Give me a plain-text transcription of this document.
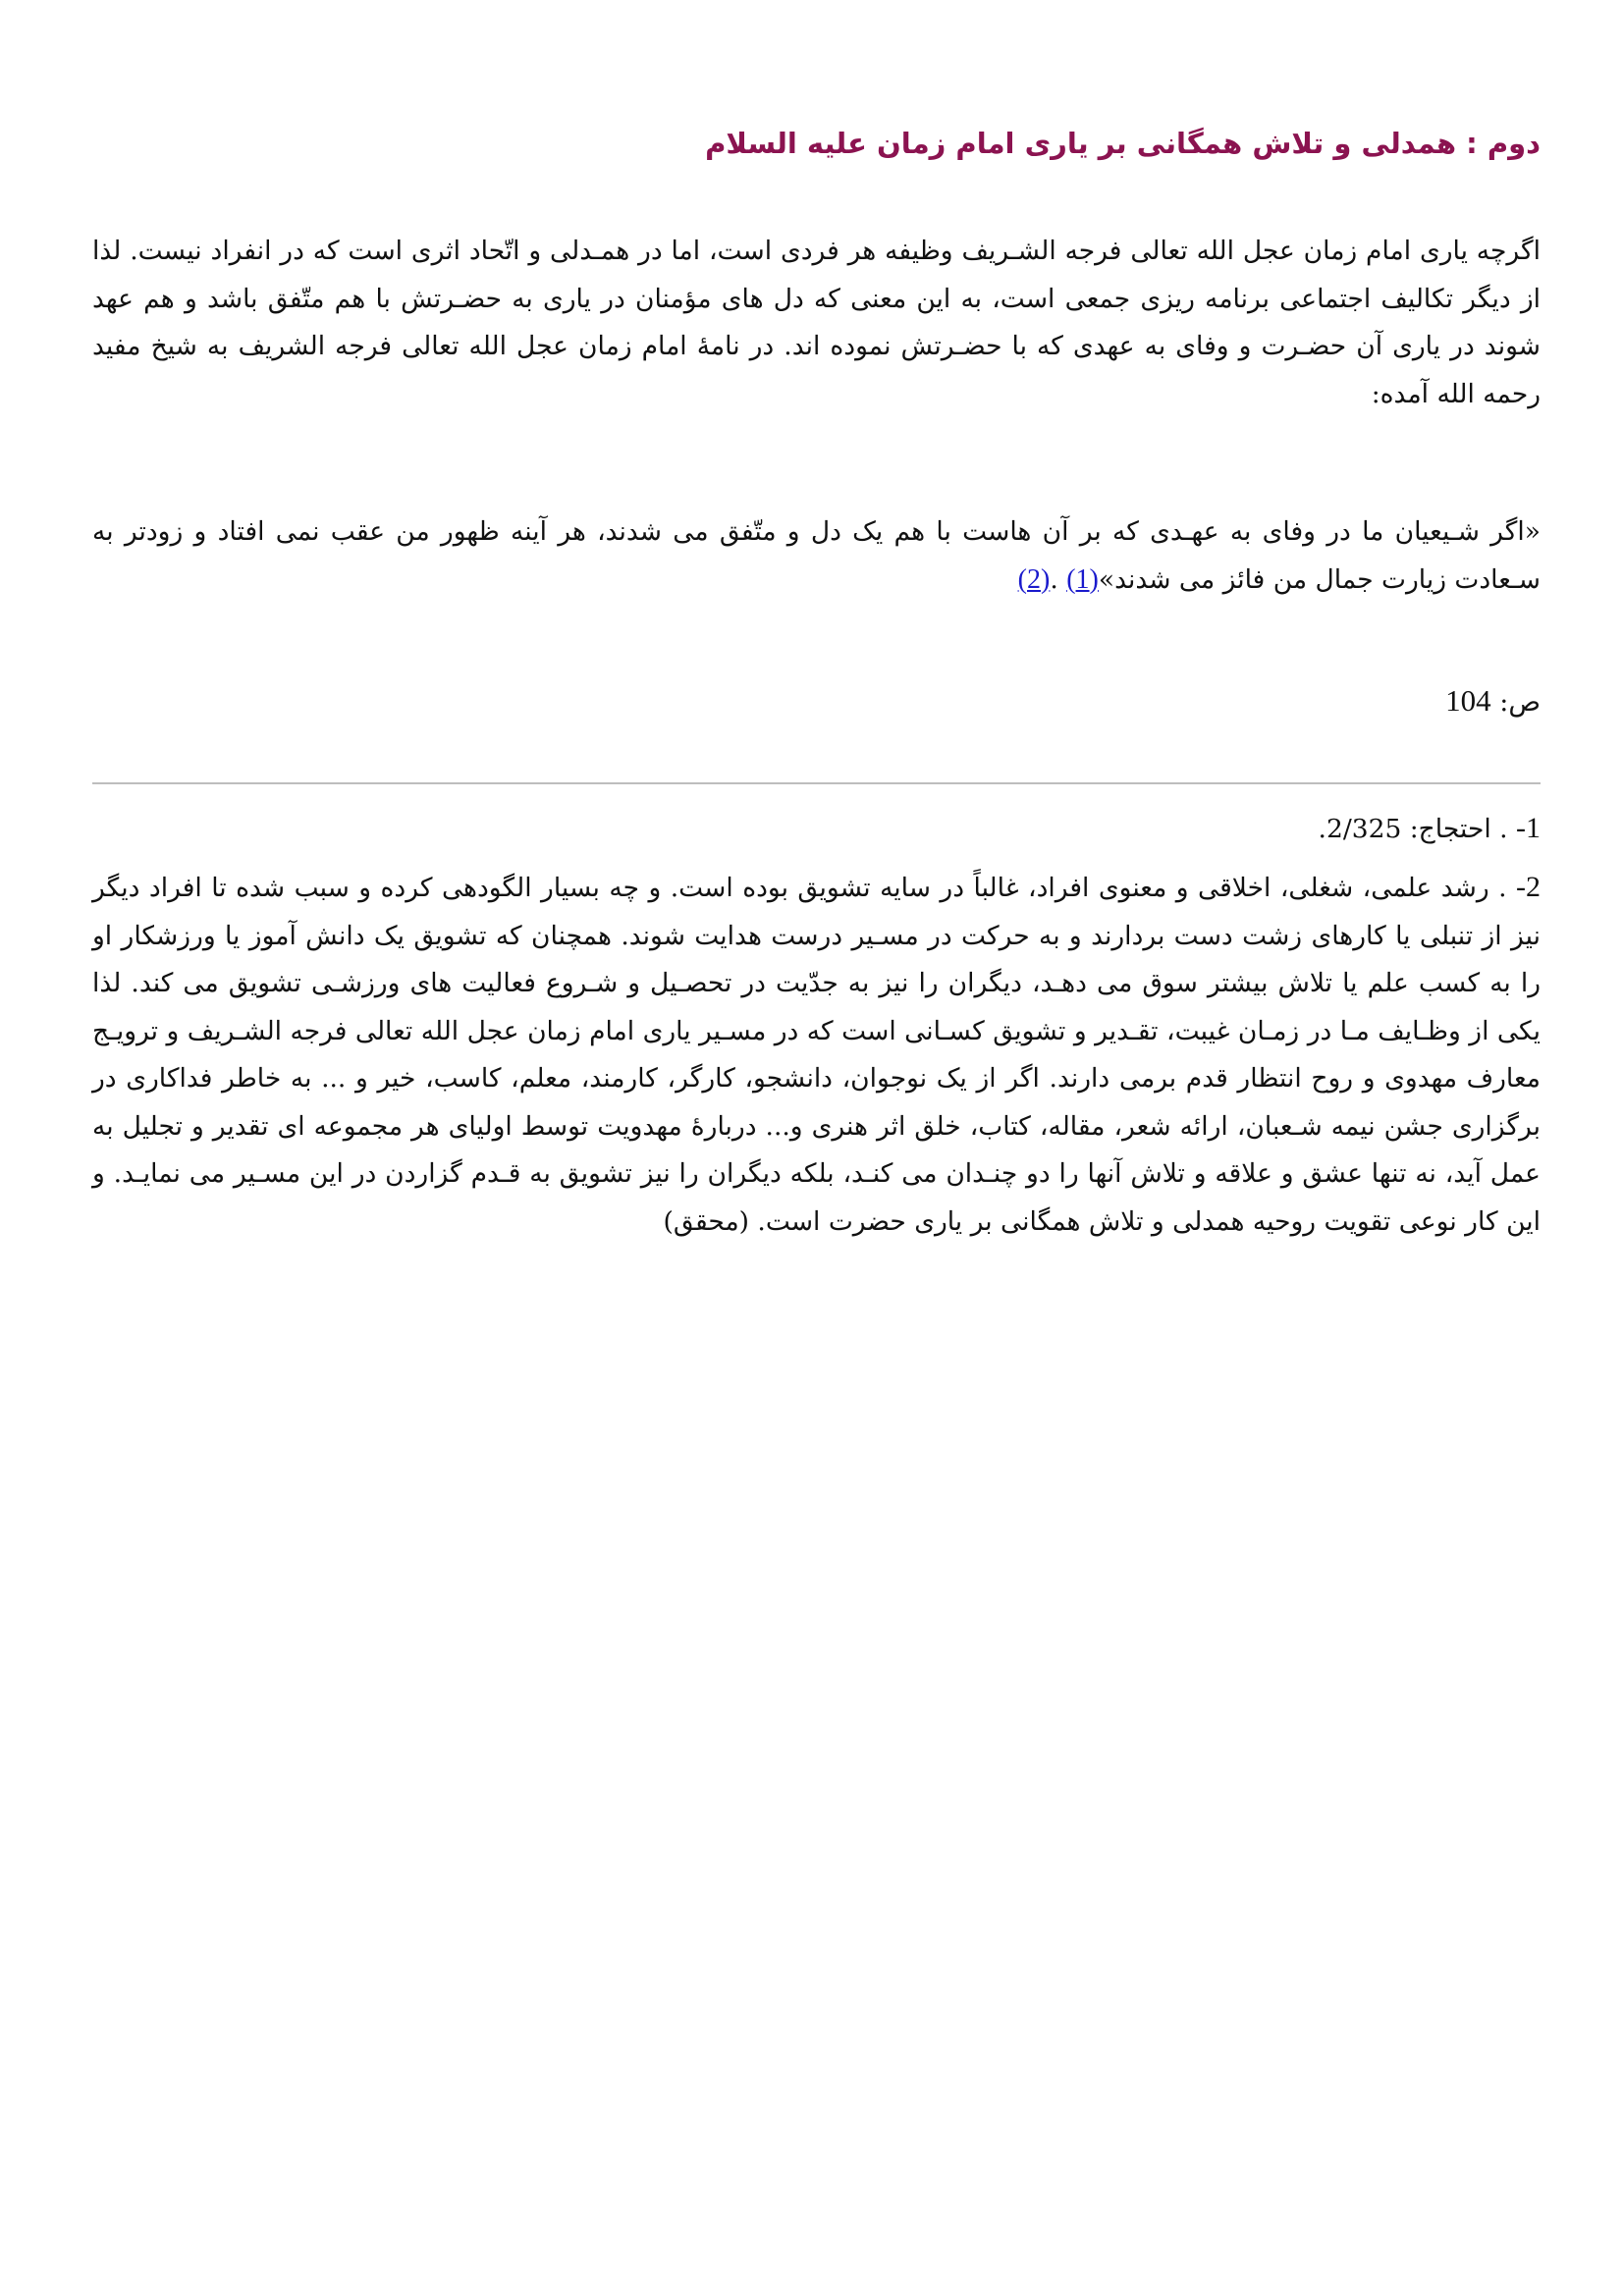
دوم : همدلی و تلاش همگانی بر یاری امام زمان علیه السلام

اگرچه یاری امام زمان عجل الله تعالی فرجه الشـریف وظیفه هر فردی است، اما در همـدلی و اتّحاد اثری است که در انفراد نیست. لذا از دیگر تکالیف اجتماعی برنامه ریزی جمعی است، به این معنی که دل های مؤمنان در یاری به حضـرتش با هم متّفق باشد و هم عهد شوند در یاری آن حضـرت و وفای به عهدی که با حضـرتش نموده اند. در نامهٔ امام زمان عجل الله تعالی فرجه الشریف به شیخ مفید رحمه الله آمده:

«اگر شـیعیان ما در وفای به عهـدی که بر آن هاست با هم یک دل و متّفق می شدند، هر آینه ظهور من عقب نمی افتاد و زودتر به سـعادت زیارت جمال من فائز می شدند»(1) .(2)

ص: 104

1- . احتجاج: 2/325.

2- . رشد علمی، شغلی، اخلاقی و معنوی افراد، غالباً در سایه تشویق بوده است. و چه بسیار الگودهی کرده و سبب شده تا افراد دیگر نیز از تنبلی یا کارهای زشت دست بردارند و به حرکت در مسـیر درست هدایت شوند. همچنان که تشویق یک دانش آموز یا ورزشکار او را به کسب علم یا تلاش بیشتر سوق می دهـد، دیگران را نیز به جدّیت در تحصـیل و شـروع فعالیت های ورزشـی تشویق می کند. لذا یکی از وظـایف مـا در زمـان غیبت، تقـدیر و تشویق کسـانی است که در مسـیر یاری امام زمان عجل الله تعالی فرجه الشـریف و ترویـج معارف مهدوی و روح انتظار قدم برمی دارند. اگر از یک نوجوان، دانشجو، کارگر، کارمند، معلم، کاسب، خیر و ... به خاطر فداکاری در برگزاری جشن نیمه شـعبان، ارائه شعر، مقاله، کتاب، خلق اثر هنری و... دربارهٔ مهدویت توسط اولیای هر مجموعه ای تقدیر و تجلیل به عمل آید، نه تنها عشق و علاقه و تلاش آنها را دو چنـدان می کنـد، بلکه دیگران را نیز تشویق به قـدم گزاردن در این مسـیر می نمایـد. و این کار نوعی تقویت روحیه همدلی و تلاش همگانی بر یاری حضرت است. (محقق)
